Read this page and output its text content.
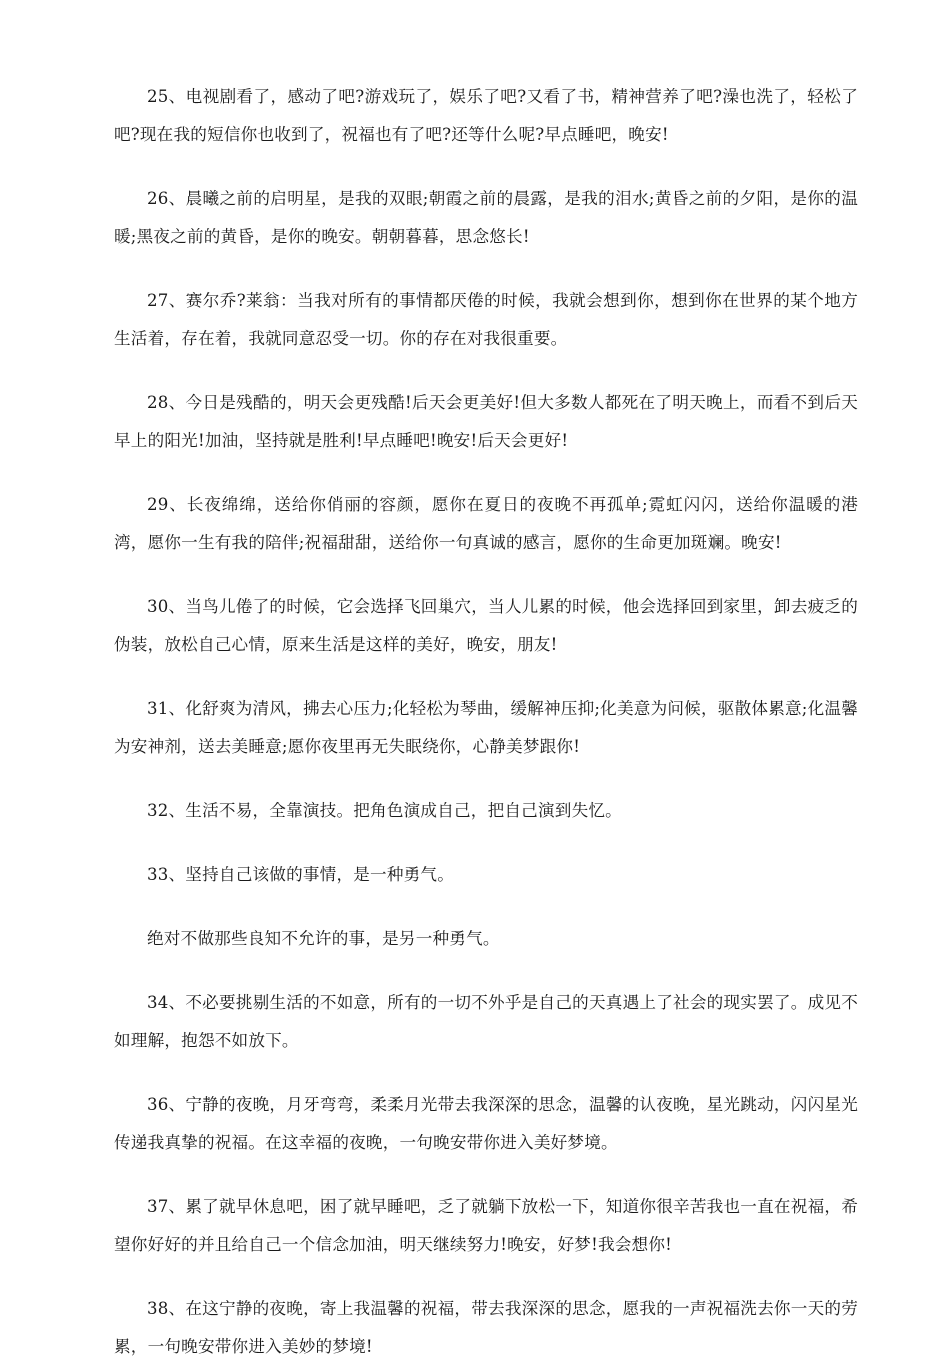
25、电视剧看了，感动了吧?游戏玩了，娱乐了吧?又看了书，精神营养了吧?澡也洗了，轻松了吧?现在我的短信你也收到了，祝福也有了吧?还等什么呢?早点睡吧，晚安!

26、晨曦之前的启明星，是我的双眼;朝霞之前的晨露，是我的泪水;黄昏之前的夕阳，是你的温暖;黑夜之前的黄昏，是你的晚安。朝朝暮暮，思念悠长!

27、赛尔乔?莱翁：当我对所有的事情都厌倦的时候，我就会想到你，想到你在世界的某个地方生活着，存在着，我就同意忍受一切。你的存在对我很重要。

28、今日是残酷的，明天会更残酷!后天会更美好!但大多数人都死在了明天晚上，而看不到后天早上的阳光!加油，坚持就是胜利!早点睡吧!晚安!后天会更好!

29、长夜绵绵，送给你俏丽的容颜，愿你在夏日的夜晚不再孤单;霓虹闪闪，送给你温暖的港湾，愿你一生有我的陪伴;祝福甜甜，送给你一句真诚的感言，愿你的生命更加斑斓。晚安!

30、当鸟儿倦了的时候，它会选择飞回巢穴，当人儿累的时候，他会选择回到家里，卸去疲乏的伪装，放松自己心情，原来生活是这样的美好，晚安，朋友!

31、化舒爽为清风，拂去心压力;化轻松为琴曲，缓解神压抑;化美意为问候，驱散体累意;化温馨为安神剂，送去美睡意;愿你夜里再无失眠绕你，心静美梦跟你!

32、生活不易，全靠演技。把角色演成自己，把自己演到失忆。

33、坚持自己该做的事情，是一种勇气。

绝对不做那些良知不允许的事，是另一种勇气。

34、不必要挑剔生活的不如意，所有的一切不外乎是自己的天真遇上了社会的现实罢了。成见不如理解，抱怨不如放下。

36、宁静的夜晚，月牙弯弯，柔柔月光带去我深深的思念，温馨的认夜晚，星光跳动，闪闪星光传递我真挚的祝福。在这幸福的夜晚，一句晚安带你进入美好梦境。

37、累了就早休息吧，困了就早睡吧，乏了就躺下放松一下，知道你很辛苦我也一直在祝福，希望你好好的并且给自己一个信念加油，明天继续努力!晚安，好梦!我会想你!

38、在这宁静的夜晚，寄上我温馨的祝福，带去我深深的思念，愿我的一声祝福洗去你一天的劳累，一句晚安带你进入美妙的梦境!
